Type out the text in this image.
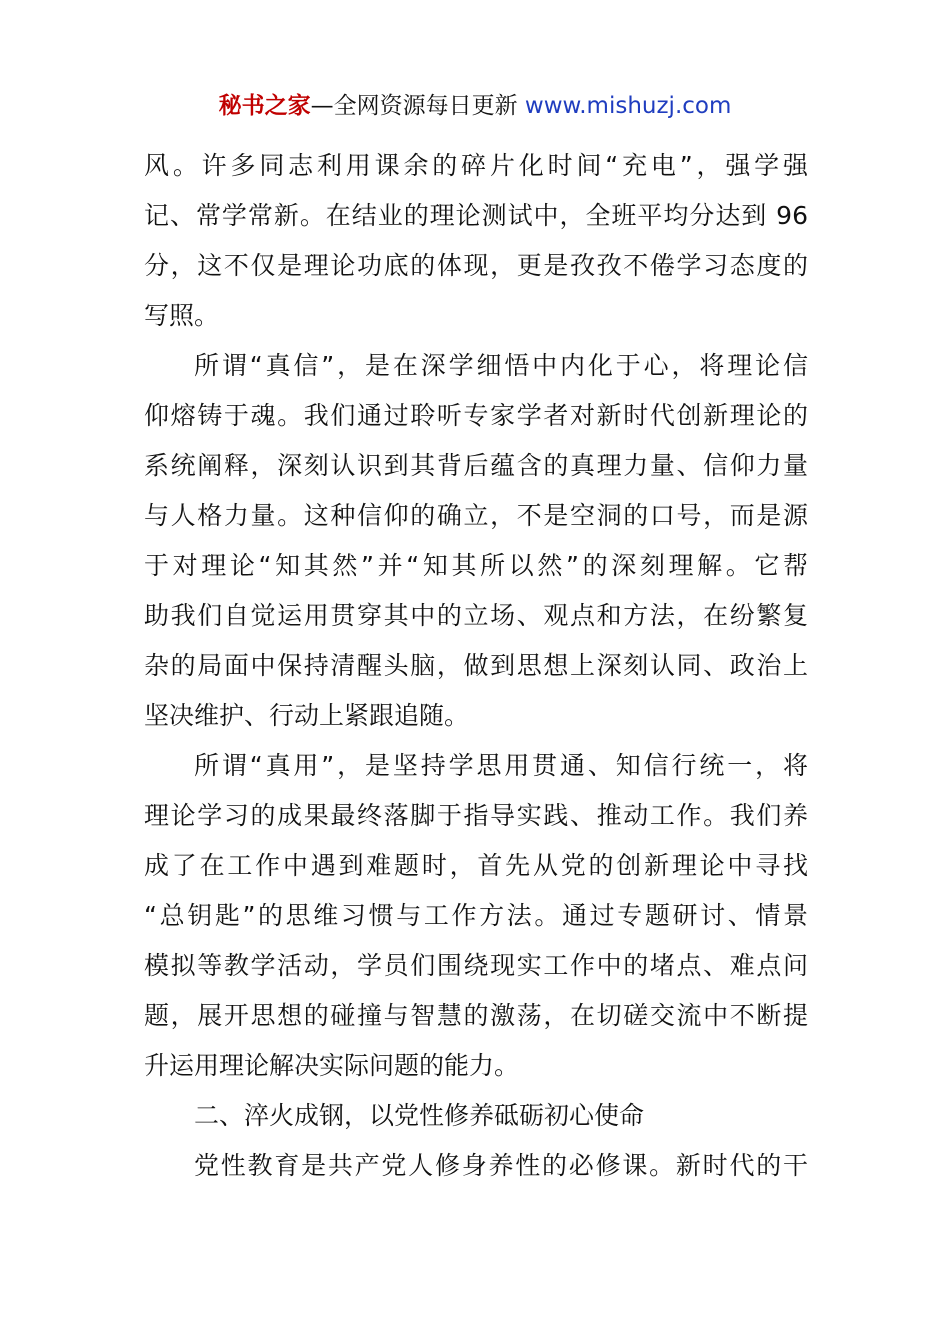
秘书之家—全网资源每日更新 www.mishuzj.com
风。许多同志利用课余的碎片化时间“充电”，强学强
记、常学常新。在结业的理论测试中，全班平均分达到 96
分，这不仅是理论功底的体现，更是孜孜不倦学习态度的
写照。
所谓“真信”，是在深学细悟中内化于心，将理论信
仰熔铸于魂。我们通过聆听专家学者对新时代创新理论的
系统阐释，深刻认识到其背后蕴含的真理力量、信仰力量
与人格力量。这种信仰的确立，不是空洞的口号，而是源
于对理论“知其然”并“知其所以然”的深刻理解。它帮
助我们自觉运用贯穿其中的立场、观点和方法，在纷繁复
杂的局面中保持清醒头脑，做到思想上深刻认同、政治上
坚决维护、行动上紧跟追随。
所谓“真用”，是坚持学思用贯通、知信行统一，将
理论学习的成果最终落脚于指导实践、推动工作。我们养
成了在工作中遇到难题时，首先从党的创新理论中寻找
“总钥匙”的思维习惯与工作方法。通过专题研讨、情景
模拟等教学活动，学员们围绕现实工作中的堵点、难点问
题，展开思想的碰撞与智慧的激荡，在切磋交流中不断提
升运用理论解决实际问题的能力。
二、淬火成钢，以党性修养砥砺初心使命
党性教育是共产党人修身养性的必修课。新时代的干
